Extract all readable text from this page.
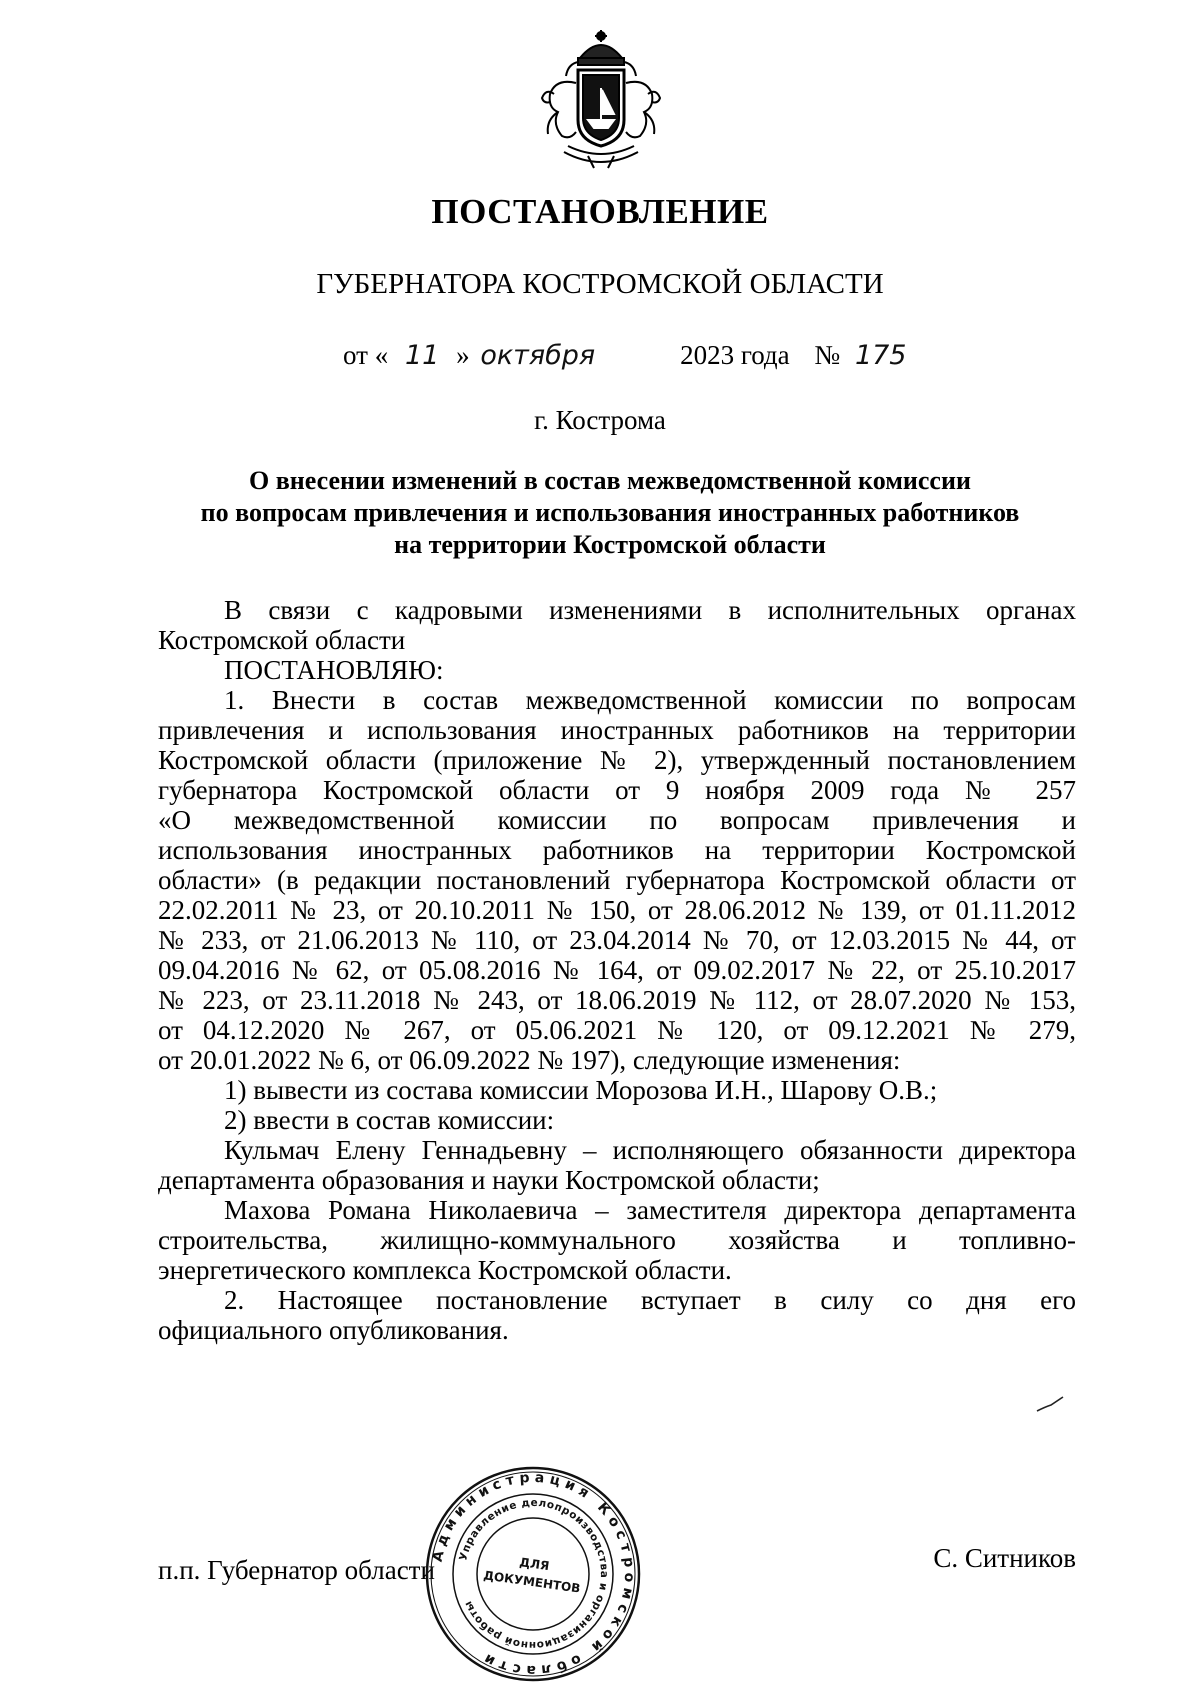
ПОСТАНОВЛЕНИЕ
ГУБЕРНАТОРА КОСТРОМСКОЙ ОБЛАСТИ
от « 11 » октября	2023 года № 175
г. Кострома
О внесении изменений в состав межведомственной комиссии
по вопросам привлечения и использования иностранных работников
на территории Костромской области
В связи с кадровыми изменениями в исполнительных органах
Костромской области
ПОСТАНОВЛЯЮ:
1. Внести в состав межведомственной комиссии по вопросам
привлечения и использования иностранных работников на территории
Костромской области (приложение № 2), утвержденный постановлением
губернатора Костромской области от 9 ноября 2009 года № 257
«О межведомственной комиссии по вопросам привлечения и
использования иностранных работников на территории Костромской
области» (в редакции постановлений губернатора Костромской области от
22.02.2011 № 23, от 20.10.2011 № 150, от 28.06.2012 № 139, от 01.11.2012
№ 233, от 21.06.2013 № 110, от 23.04.2014 № 70, от 12.03.2015 № 44, от
09.04.2016 № 62, от 05.08.2016 № 164, от 09.02.2017 № 22, от 25.10.2017
№ 223, от 23.11.2018 № 243, от 18.06.2019 № 112, от 28.07.2020 № 153,
от 04.12.2020 № 267, от 05.06.2021 № 120, от 09.12.2021 № 279,
от 20.01.2022 № 6, от 06.09.2022 № 197), следующие изменения:
1) вывести из состава комиссии Морозова И.Н., Шарову О.В.;
2) ввести в состав комиссии:
Кульмач Елену Геннадьевну – исполняющего обязанности директора
департамента образования и науки Костромской области;
Махова Романа Николаевича – заместителя директора департамента
строительства, жилищно-коммунального хозяйства и топливно-
энергетического комплекса Костромской области.
2. Настоящее постановление вступает в силу со дня его
официального опубликования.
п.п. Губернатор области	С. Ситников
Администрация Костромской области
Управление делопроизводства и организационной работы
ДЛЯ
ДОКУМЕНТОВ
